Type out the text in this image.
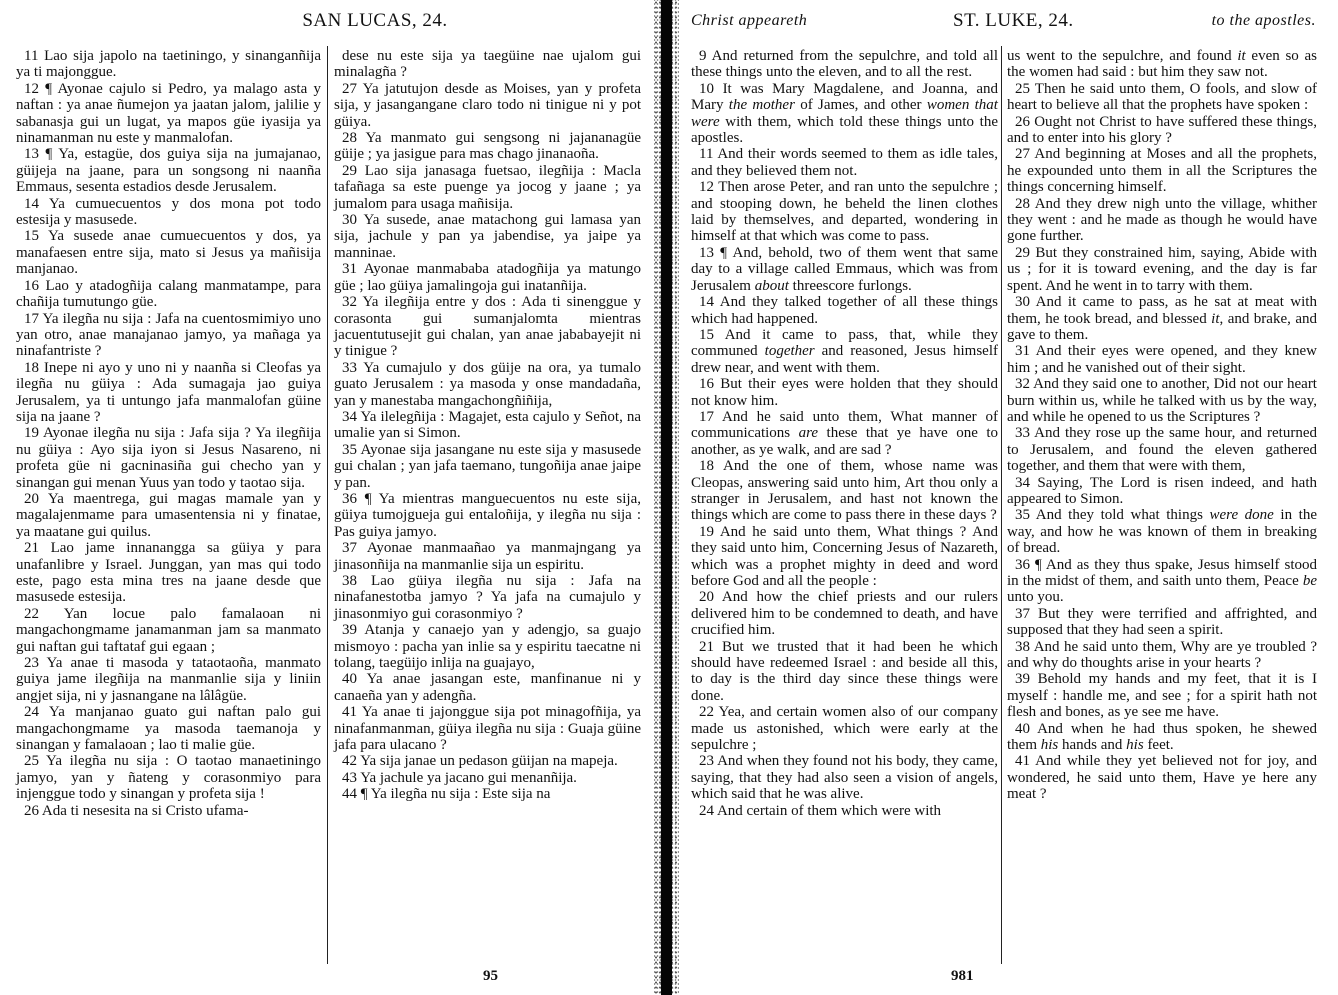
SAN LUCAS, 24.

11 Lao sija japolo na taetiningo, y sinanganñija ya ti majonggue.

12 ¶ Ayonae cajulo si Pedro, ya malago asta y naftan : ya anae ñumejon ya jaatan jalom, jalilie y sabanasja gui un lugat, ya mapos güe iyasija ya ninamanman nu este y manmalofan.

13 ¶ Ya, estagüe, dos guiya sija na jumajanao, güijeja na jaane, para un songsong ni naanña Emmaus, sesenta estadios desde Jerusalem.

14 Ya cumuecuentos y dos mona pot todo estesija y masusede.

15 Ya susede anae cumuecuentos y dos, ya manafaesen entre sija, mato si Jesus ya mañisija manjanao.

16 Lao y atadogñija calang manmatampe, para chañija tumutungo güe.

17 Ya ilegña nu sija : Jafa na cuentosmimiyo uno yan otro, anae manajanao jamyo, ya mañaga ya ninafantriste ?

18 Inepe ni ayo y uno ni y naanña si Cleofas ya ilegña nu güiya : Ada sumagaja jao guiya Jerusalem, ya ti untungo jafa manmalofan güine sija na jaane ?

19 Ayonae ilegña nu sija : Jafa sija ? Ya ilegñija nu güiya : Ayo sija iyon si Jesus Nasareno, ni profeta güe ni gacninasiña gui checho yan y sinangan gui menan Yuus yan todo y taotao sija.

20 Ya maentrega, gui magas mamale yan y magalajenmame para umasentensia ni y finatae, ya maatane gui quilus.

21 Lao jame innanangga sa güiya y para unafanlibre y Israel. Junggan, yan mas qui todo este, pago esta mina tres na jaane desde que masusede estesija.

22 Yan locue palo famalaoan ni mangachongmame janamanman jam sa manmato gui naftan gui taftataf gui egaan ;

23 Ya anae ti masoda y tataotaoña, manmato guiya jame ilegñija na manmanlie sija y liniin angjet sija, ni y jasnangane na lâlâgüe.

24 Ya manjanao guato gui naftan palo gui mangachongmame ya masoda taemanoja y sinangan y famalaoan ; lao ti malie güe.

25 Ya ilegña nu sija : O taotao manaetiningo jamyo, yan y ñateng y corasonmiyo para injenggue todo y sinangan y profeta sija !

26 Ada ti nesesita na si Cristo ufama-

dese nu este sija ya taegüine nae ujalom gui minalagña ?

27 Ya jatutujon desde as Moises, yan y profeta sija, y jasangangane claro todo ni tinigue ni y pot güiya.

28 Ya manmato gui sengsong ni jajananagüe güije ; ya jasigue para mas chago jinanaoña.

29 Lao sija janasaga fuetsao, ilegñija : Macla tafañaga sa este puenge ya jocog y jaane ; ya jumalom para usaga mañisija.

30 Ya susede, anae matachong gui lamasa yan sija, jachule y pan ya jabendise, ya jaipe ya manninae.

31 Ayonae manmababa atadogñija ya matungo güe ; lao güiya jamalingoja gui inatanñija.

32 Ya ilegñija entre y dos : Ada ti sinenggue y corasonta gui sumanjalomta mientras jacuentutusejit gui chalan, yan anae jababayejit ni y tinigue ?

33 Ya cumajulo y dos güije na ora, ya tumalo guato Jerusalem : ya masoda y onse mandadaña, yan y manestaba mangachongñiñija,

34 Ya ilelegñija : Magajet, esta cajulo y Señot, na umalie yan si Simon.

35 Ayonae sija jasangane nu este sija y masusede gui chalan ; yan jafa taemano, tungoñija anae jaipe y pan.

36 ¶ Ya mientras manguecuentos nu este sija, güiya tumojgueja gui entaloñija, y ilegña nu sija : Pas guiya jamyo.

37 Ayonae manmaañao ya manmajngang ya jinasonñija na manmanlie sija un espiritu.

38 Lao güiya ilegña nu sija : Jafa na ninafanestotba jamyo ? Ya jafa na cumajulo y jinasonmiyo gui corasonmiyo ?

39 Atanja y canaejo yan y adengjo, sa guajo mismoyo : pacha yan inlie sa y espiritu taecatne ni tolang, taegüijo inlija na guajayo,

40 Ya anae jasangan este, manfinanue ni y canaeña yan y adengña.

41 Ya anae ti jajonggue sija pot minagofñija, ya ninafanmanman, güiya ilegña nu sija : Guaja güine jafa para ulacano ?

42 Ya sija janae un pedason güijan na mapeja.

43 Ya jachule ya jacano gui menanñija.

44 ¶ Ya ilegña nu sija : Este sija na

95
Christ appeareth	ST. LUKE, 24.	to the apostles.

9 And returned from the sepulchre, and told all these things unto the eleven, and to all the rest.

10 It was Mary Magdalene, and Joanna, and Mary the mother of James, and other women that were with them, which told these things unto the apostles.

11 And their words seemed to them as idle tales, and they believed them not.

12 Then arose Peter, and ran unto the sepulchre ; and stooping down, he beheld the linen clothes laid by themselves, and departed, wondering in himself at that which was come to pass.

13 ¶ And, behold, two of them went that same day to a village called Emmaus, which was from Jerusalem about threescore furlongs.

14 And they talked together of all these things which had happened.

15 And it came to pass, that, while they communed together and reasoned, Jesus himself drew near, and went with them.

16 But their eyes were holden that they should not know him.

17 And he said unto them, What manner of communications are these that ye have one to another, as ye walk, and are sad ?

18 And the one of them, whose name was Cleopas, answering said unto him, Art thou only a stranger in Jerusalem, and hast not known the things which are come to pass there in these days ?

19 And he said unto them, What things ? And they said unto him, Concerning Jesus of Nazareth, which was a prophet mighty in deed and word before God and all the people :

20 And how the chief priests and our rulers delivered him to be condemned to death, and have crucified him.

21 But we trusted that it had been he which should have redeemed Israel : and beside all this, to day is the third day since these things were done.

22 Yea, and certain women also of our company made us astonished, which were early at the sepulchre ;

23 And when they found not his body, they came, saying, that they had also seen a vision of angels, which said that he was alive.

24 And certain of them which were with

us went to the sepulchre, and found it even so as the women had said : but him they saw not.

25 Then he said unto them, O fools, and slow of heart to believe all that the prophets have spoken :

26 Ought not Christ to have suffered these things, and to enter into his glory ?

27 And beginning at Moses and all the prophets, he expounded unto them in all the Scriptures the things concerning himself.

28 And they drew nigh unto the village, whither they went : and he made as though he would have gone further.

29 But they constrained him, saying, Abide with us ; for it is toward evening, and the day is far spent. And he went in to tarry with them.

30 And it came to pass, as he sat at meat with them, he took bread, and blessed it, and brake, and gave to them.

31 And their eyes were opened, and they knew him ; and he vanished out of their sight.

32 And they said one to another, Did not our heart burn within us, while he talked with us by the way, and while he opened to us the Scriptures ?

33 And they rose up the same hour, and returned to Jerusalem, and found the eleven gathered together, and them that were with them,

34 Saying, The Lord is risen indeed, and hath appeared to Simon.

35 And they told what things were done in the way, and how he was known of them in breaking of bread.

36 ¶ And as they thus spake, Jesus himself stood in the midst of them, and saith unto them, Peace be unto you.

37 But they were terrified and affrighted, and supposed that they had seen a spirit.

38 And he said unto them, Why are ye troubled ? and why do thoughts arise in your hearts ?

39 Behold my hands and my feet, that it is I myself : handle me, and see ; for a spirit hath not flesh and bones, as ye see me have.

40 And when he had thus spoken, he shewed them his hands and his feet.

41 And while they yet believed not for joy, and wondered, he said unto them, Have ye here any meat ?

981
